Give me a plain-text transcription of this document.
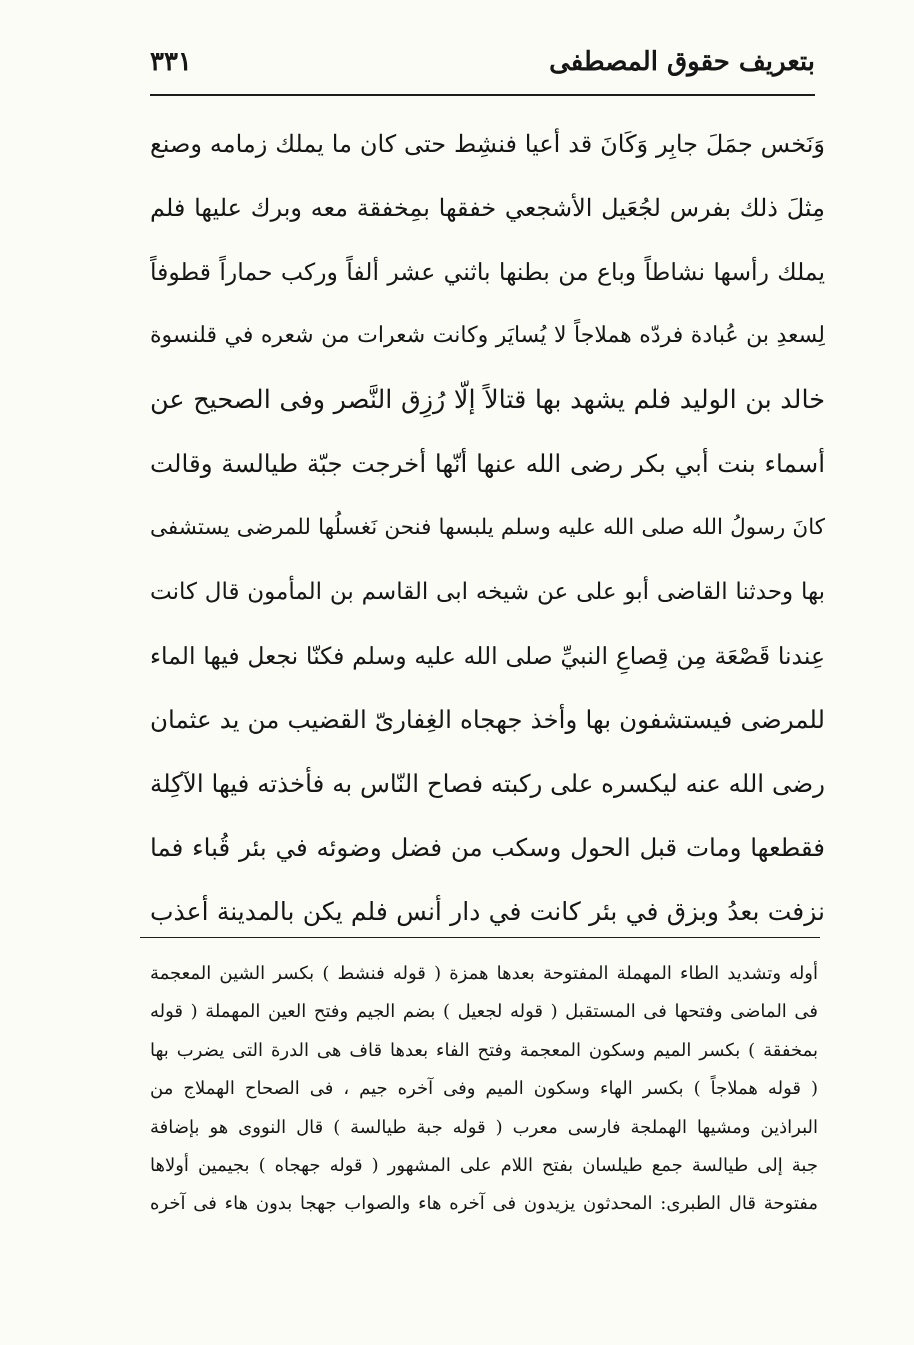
بتعريف حقوق المصطفى
٣٣١
وَنَخس جمَلَ جابِر وَكَانَ قد أعيا فنشِط حتى كان ما يملك زمامه وصنع
مِثلَ ذلك بفرس لجُعَيل الأشجعي خفقها بمِخفقة معه وبرك عليها فلم
يملك رأسها نشاطاً وباع من بطنها باثني عشر ألفاً وركب حماراً قطوفاً
لِسعدِ بن عُبادة فردّه هملاجاً لا يُسايَر وكانت شعرات من شعره في قلنسوة
خالد بن الوليد فلم يشهد بها قتالاً إلّا رُزِق النَّصر وفى الصحيح عن
أسماء بنت أبي بكر رضى الله عنها أنّها أخرجت جبّة طيالسة وقالت
كانَ رسولُ الله صلى الله عليه وسلم يلبسها فنحن نَغسلُها للمرضى يستشفى
بها وحدثنا القاضى أبو على عن شيخه ابى القاسم بن المأمون قال كانت
عِندنا قَصْعَة مِن قِصاعِ النبيِّ صلى الله عليه وسلم فكنّا نجعل فيها الماء
للمرضى فيستشفون بها وأخذ جهجاه الغِفارىّ القضيب من يد عثمان
رضى الله عنه ليكسره على ركبته فصاح النّاس به فأخذته فيها الآكِلة
فقطعها ومات قبل الحول وسكب من فضل وضوئه في بئر قُباء فما
نزفت بعدُ وبزق في بئر كانت في دار أنس فلم يكن بالمدينة أعذب
أوله وتشديد الطاء المهملة المفتوحة بعدها همزة ( قوله فنشط ) بكسر الشين المعجمة
فى الماضى وفتحها فى المستقبل ( قوله لجعيل ) بضم الجيم وفتح العين المهملة ( قوله
بمخفقة ) بكسر الميم وسكون المعجمة وفتح الفاء بعدها قاف هى الدرة التى يضرب بها
( قوله هملاجاً ) بكسر الهاء وسكون الميم وفى آخره جيم ، فى الصحاح الهملاج من
البراذين ومشيها الهملجة فارسى معرب ( قوله جبة طيالسة ) قال النووى هو بإضافة
جبة إلى طيالسة جمع طيلسان بفتح اللام على المشهور ( قوله جهجاه ) بجيمين أولاها
مفتوحة قال الطبرى: المحدثون يزيدون فى آخره هاء والصواب جهجا بدون هاء فى آخره
